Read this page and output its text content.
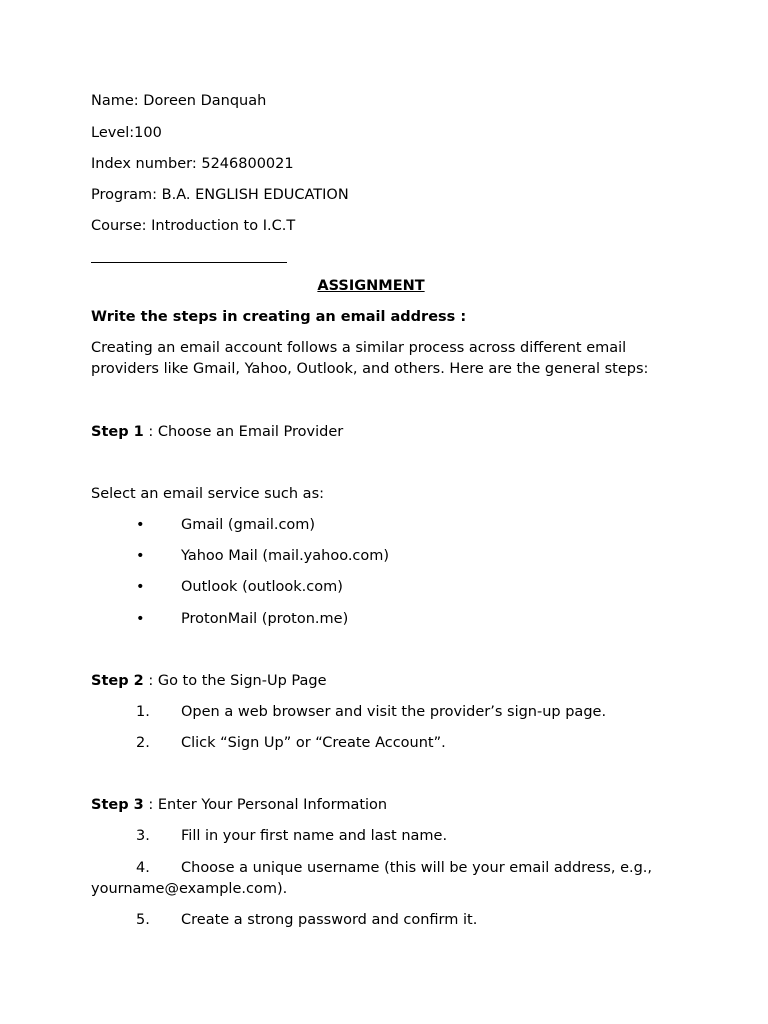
Name: Doreen Danquah
Level:100
Index number: 5246800021
Program: B.A. ENGLISH EDUCATION
Course: Introduction to I.C.T
ASSIGNMENT
Write the steps in creating an email address :
Creating an email account follows a similar process across different email
providers like Gmail, Yahoo, Outlook, and others. Here are the general steps:
Step 1 : Choose an Email Provider
Select an email service such as:
•	Gmail (gmail.com)
•	Yahoo Mail (mail.yahoo.com)
•	Outlook (outlook.com)
•	ProtonMail (proton.me)
Step 2 : Go to the Sign-Up Page
1. Open a web browser and visit the provider’s sign-up page.
2. Click “Sign Up” or “Create Account”.
Step 3 : Enter Your Personal Information
3. Fill in your first name and last name.
4. Choose a unique username (this will be your email address, e.g.,
yourname@example.com).
5. Create a strong password and confirm it.
